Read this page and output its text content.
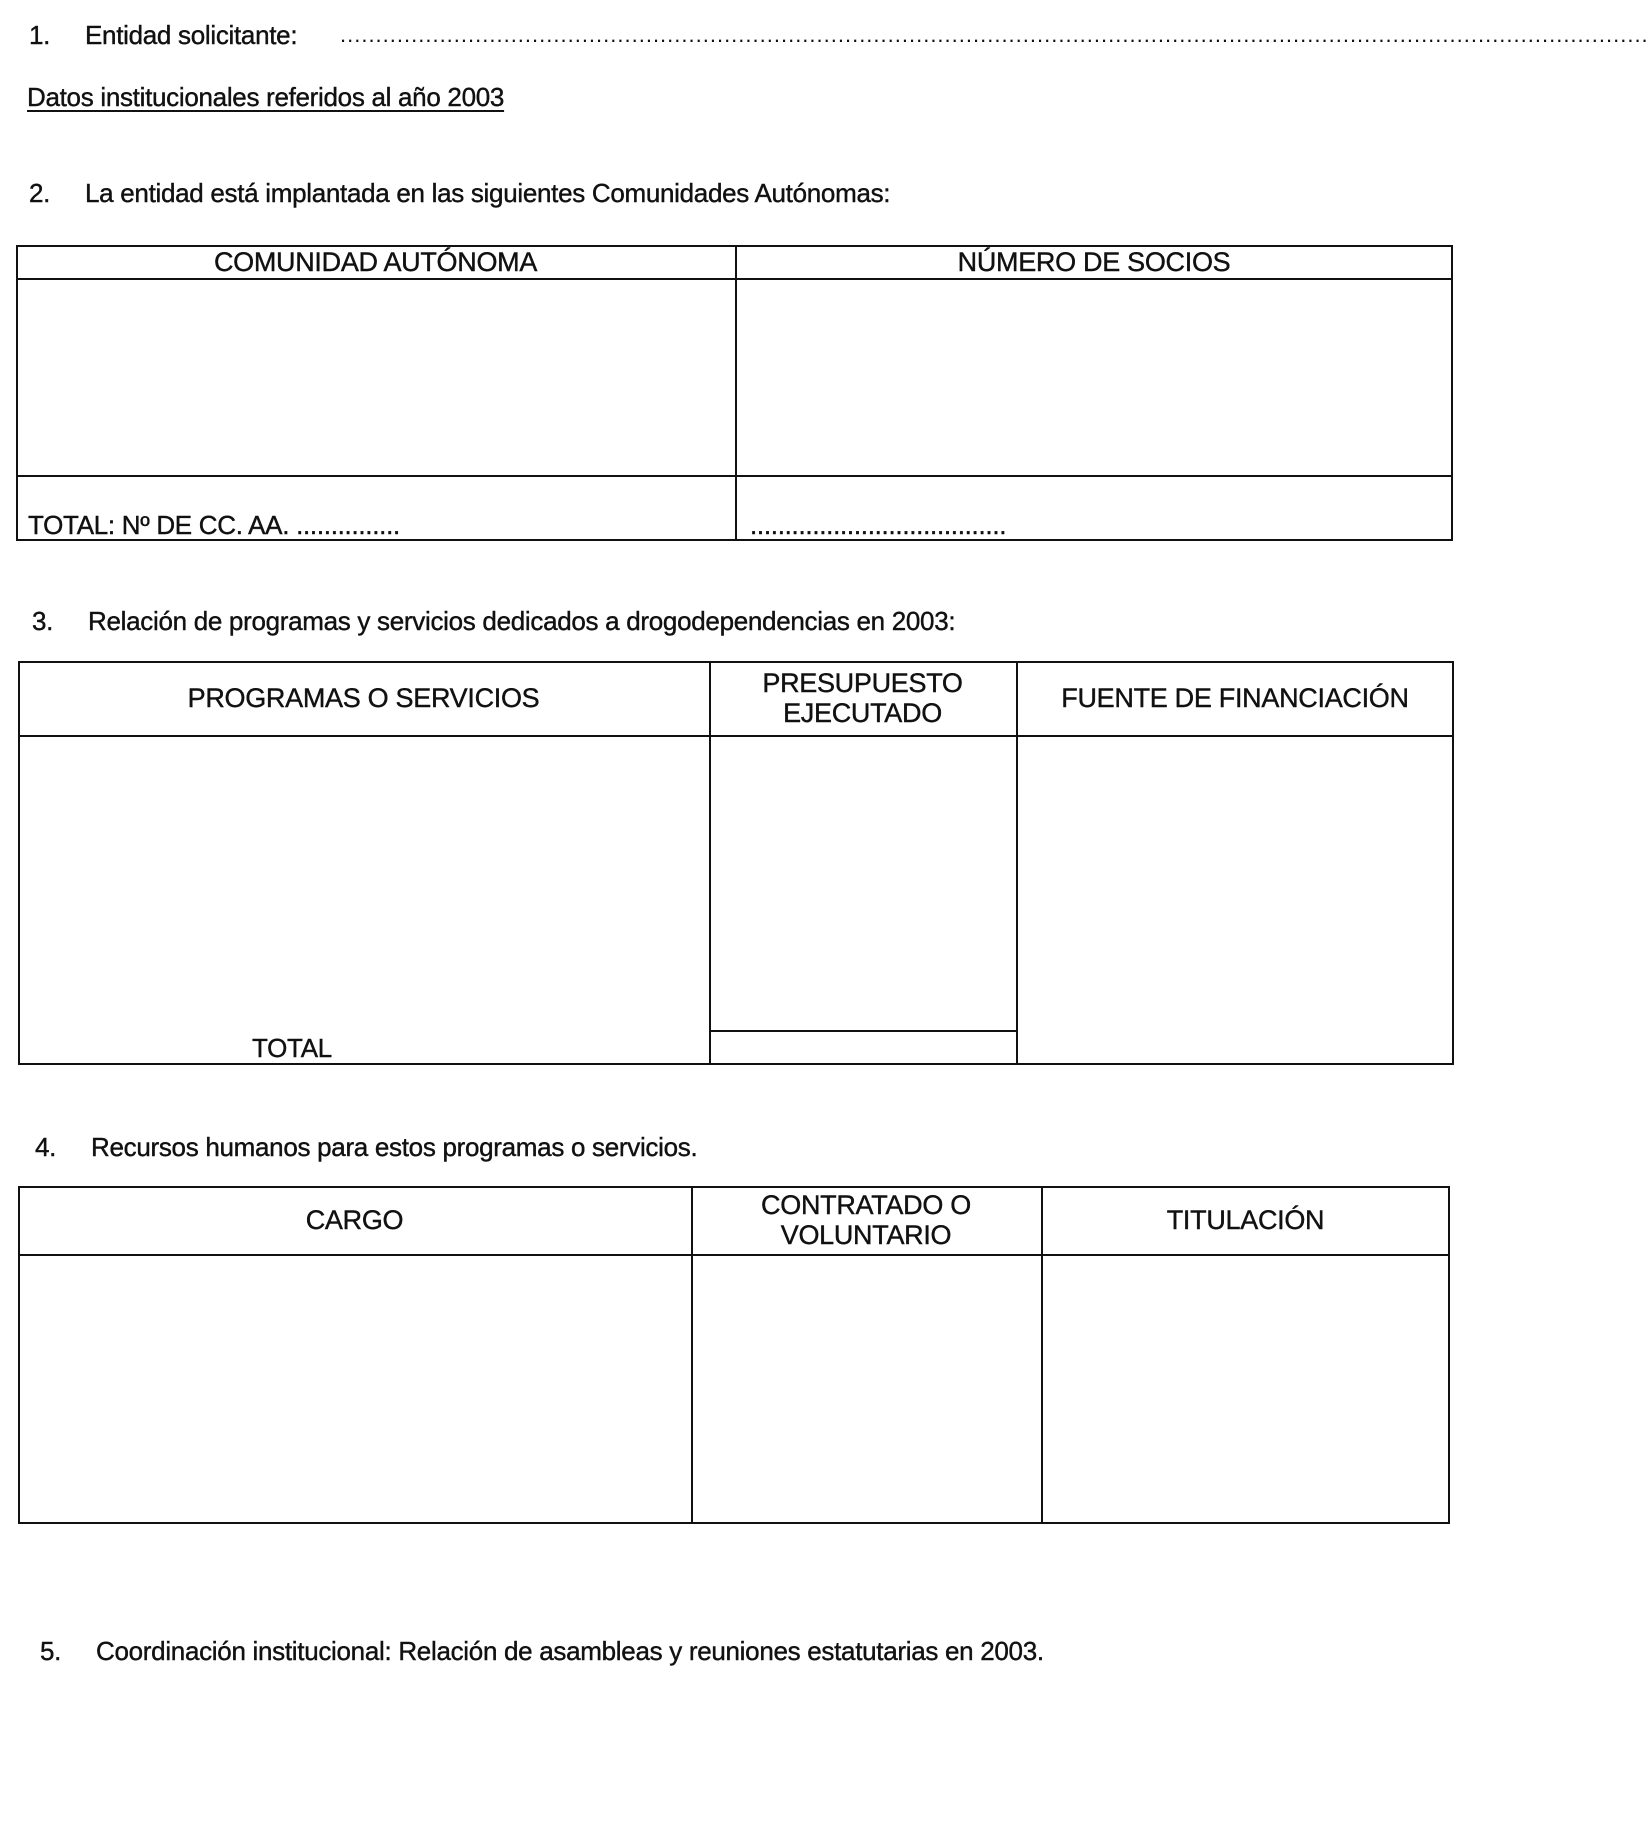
1. Entidad solicitante: ........................................................................................................................................................................................
Datos institucionales referidos al año 2003
2. La entidad está implantada en las siguientes Comunidades Autónomas:
COMUNIDAD AUTÓNOMA	NÚMERO DE SOCIOS
TOTAL: Nº DE CC. AA. ...............	.....................................
3. Relación de programas y servicios dedicados a drogodependencias en 2003:
PROGRAMAS O SERVICIOS	PRESUPUESTO EJECUTADO	FUENTE DE FINANCIACIÓN
TOTAL
4. Recursos humanos para estos programas o servicios.
CARGO	CONTRATADO O VOLUNTARIO	TITULACIÓN
5. Coordinación institucional: Relación de asambleas y reuniones estatutarias en 2003.
